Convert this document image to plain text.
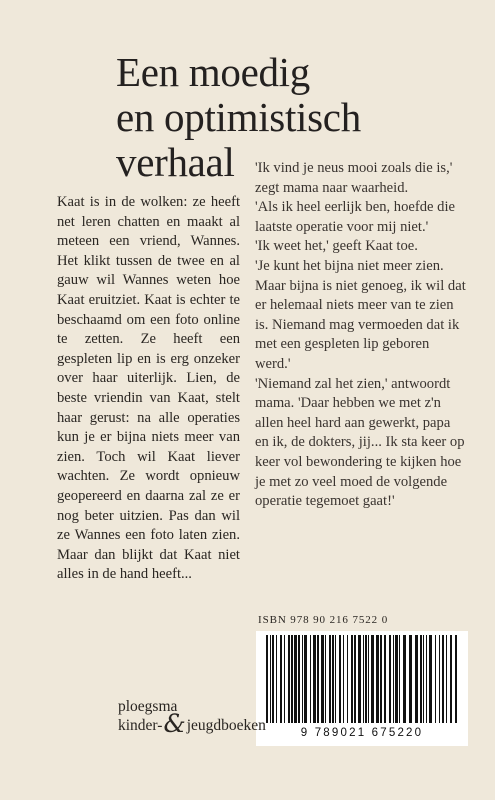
Een moedig
en optimistisch
verhaal
Kaat is in de wolken: ze heeft net leren chatten en maakt al meteen een vriend, Wannes. Het klikt tussen de twee en al gauw wil Wannes weten hoe Kaat eruitziet. Kaat is echter te beschaamd om een foto online te zetten. Ze heeft een gespleten lip en is erg onzeker over haar uiterlijk. Lien, de beste vriendin van Kaat, stelt haar gerust: na alle operaties kun je er bijna niets meer van zien. Toch wil Kaat liever wachten. Ze wordt opnieuw geopereerd en daarna zal ze er nog beter uitzien. Pas dan wil ze Wannes een foto laten zien. Maar dan blijkt dat Kaat niet alles in de hand heeft...

'Ik vind je neus mooi zoals die is,' zegt mama naar waarheid.

'Als ik heel eerlijk ben, hoefde die laatste operatie voor mij niet.'

'Ik weet het,' geeft Kaat toe.

'Je kunt het bijna niet meer zien. Maar bijna is niet genoeg, ik wil dat er helemaal niets meer van te zien is. Niemand mag vermoeden dat ik met een gespleten lip geboren werd.'

'Niemand zal het zien,' antwoordt mama. 'Daar hebben we met z'n allen heel hard aan gewerkt, papa en ik, de dokters, jij... Ik sta keer op keer vol bewondering te kijken hoe je met zo veel moed de volgende operatie tegemoet gaat!'

ISBN 978 90 216 7522 0
9 789021 675220
ploegsma
kinder-&jeugdboeken
